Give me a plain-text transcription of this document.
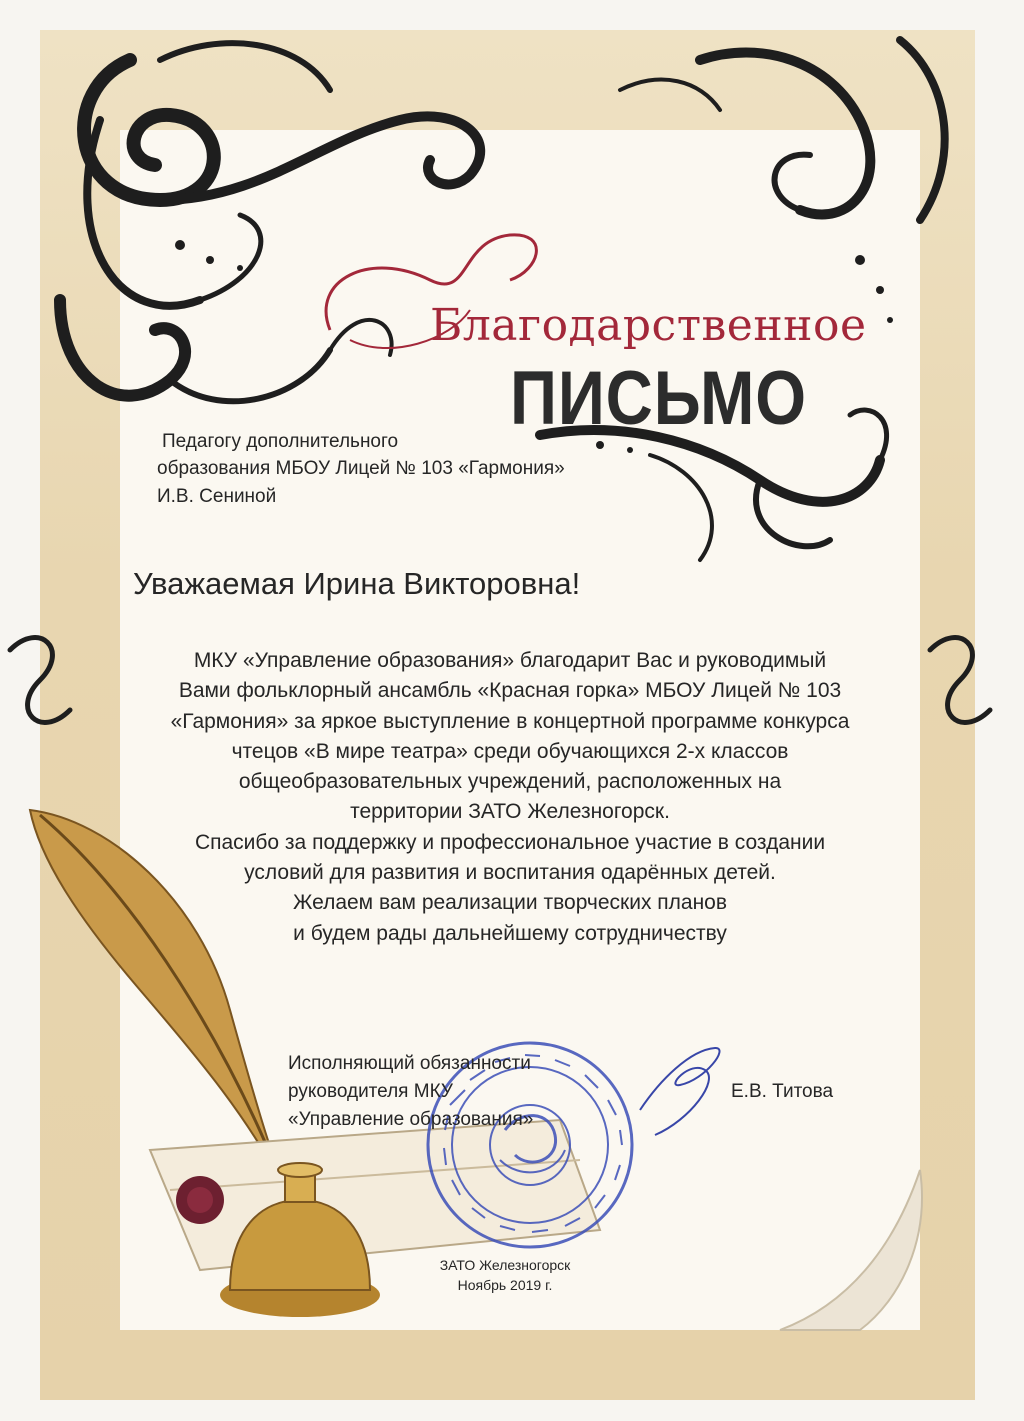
Благодарственное
ПИСЬМО
Педагогу дополнительного
образования МБОУ Лицей № 103 «Гармония»
И.В. Сениной
Уважаемая Ирина Викторовна!
МКУ «Управление образования» благодарит Вас и руководимый
Вами фольклорный ансамбль «Красная горка» МБОУ Лицей № 103
«Гармония» за яркое выступление в концертной программе конкурса
чтецов «В мире театра» среди обучающихся 2-х классов
общеобразовательных учреждений, расположенных на
территории ЗАТО Железногорск.
Спасибо за поддержку и профессиональное участие в создании
условий для развития и воспитания одарённых детей.
Желаем вам реализации творческих планов
и будем рады дальнейшему сотрудничеству
Исполняющий обязанности
руководителя МКУ
«Управление образования»
Е.В. Титова
ЗАТО Железногорск
Ноябрь 2019 г.
